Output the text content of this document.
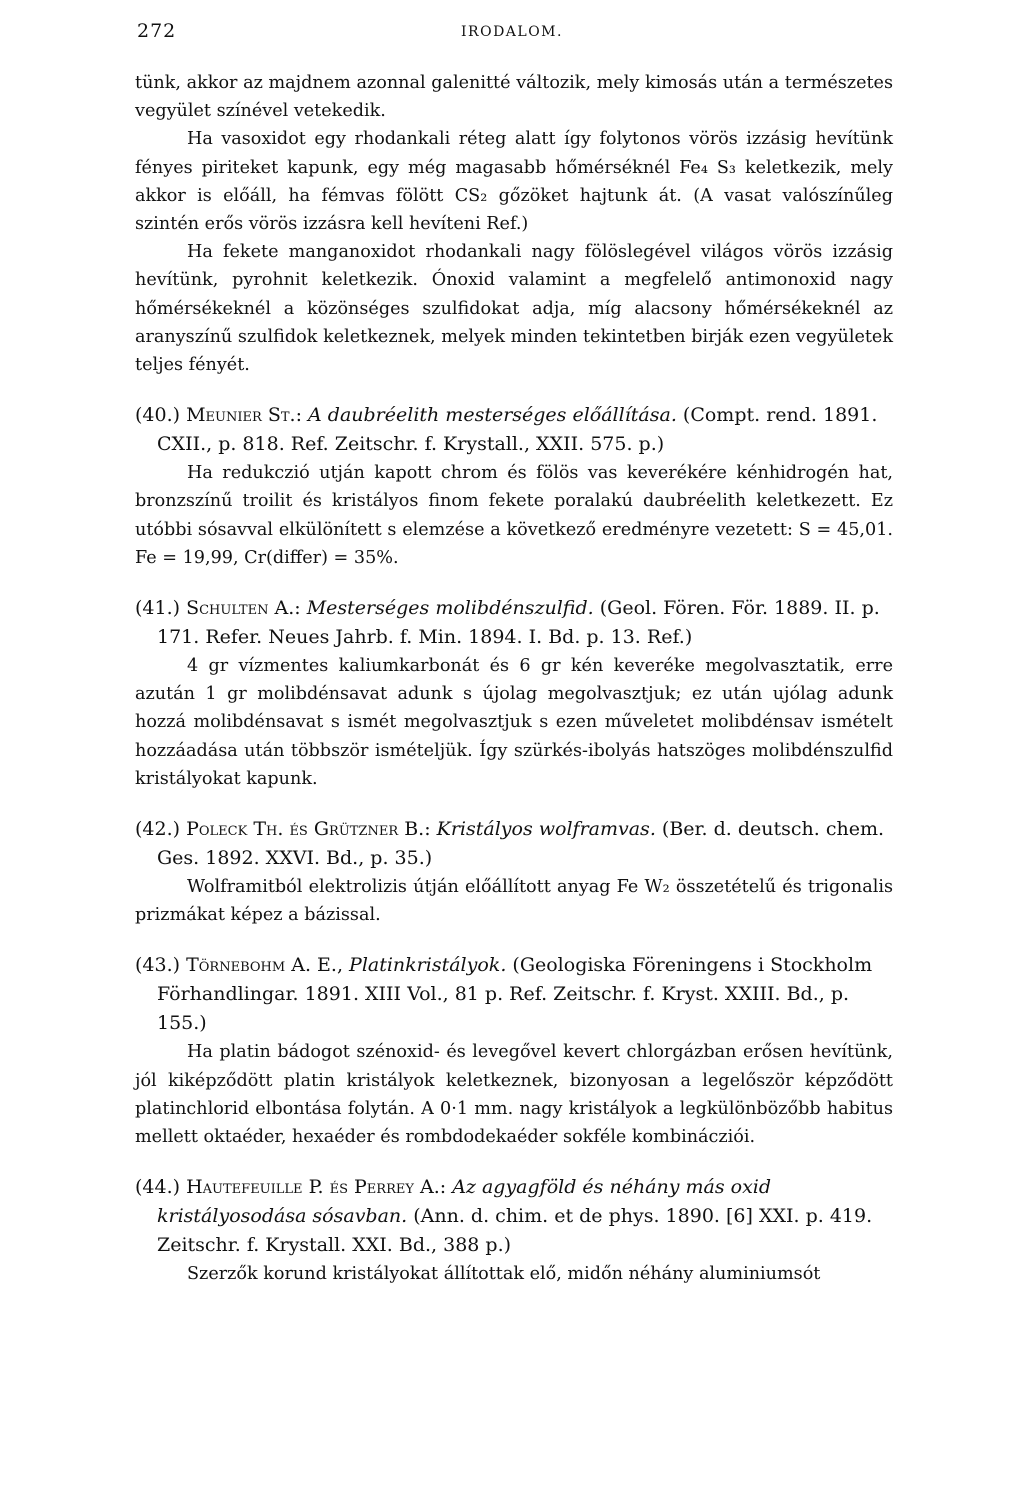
272	IRODALOM.

tünk, akkor az majdnem azonnal galenitté változik, mely kimosás után a természetes vegyület színével vetekedik.

Ha vasoxidot egy rhodankali réteg alatt így folytonos vörös izzásig hevítünk fényes piriteket kapunk, egy még magasabb hőmérséknél Fe₄ S₃ keletkezik, mely akkor is előáll, ha fémvas fölött CS₂ gőzöket hajtunk át. (A vasat valószínűleg szintén erős vörös izzásra kell hevíteni Ref.)

Ha fekete manganoxidot rhodankali nagy fölöslegével világos vörös izzásig hevítünk, pyrohnit keletkezik. Ónoxid valamint a megfelelő antimonoxid nagy hőmérsékeknél a közönséges szulfidokat adja, míg alacsony hőmérsékeknél az aranyszínű szulfidok keletkeznek, melyek minden tekintetben birják ezen vegyületek teljes fényét.

(40.) Meunier St.: A daubréelith mesterséges előállítása. (Compt. rend. 1891. CXII., p. 818. Ref. Zeitschr. f. Krystall., XXII. 575. p.)

Ha redukczió utján kapott chrom és fölös vas keverékére kénhidrogén hat, bronzszínű troilit és kristályos finom fekete poralakú daubréelith keletkezett. Ez utóbbi sósavval elkülönített s elemzése a következő eredményre vezetett: S = 45,01. Fe = 19,99, Cr(differ) = 35%.

(41.) Schulten A.: Mesterséges molibdénszulfid. (Geol. Fören. För. 1889. II. p. 171. Refer. Neues Jahrb. f. Min. 1894. I. Bd. p. 13. Ref.)

4 gr vízmentes kaliumkarbonát és 6 gr kén keveréke megolvasztatik, erre azután 1 gr molibdénsavat adunk s újolag megolvasztjuk; ez után ujólag adunk hozzá molibdénsavat s ismét megolvasztjuk s ezen műveletet molibdénsav ismételt hozzáadása után többször ismételjük. Így szürkés-ibolyás hatszöges molibdénszulfid kristályokat kapunk.

(42.) Poleck Th. és Grützner B.: Kristályos wolframvas. (Ber. d. deutsch. chem. Ges. 1892. XXVI. Bd., p. 35.)

Wolframitból elektrolizis útján előállított anyag Fe W₂ összetételű és trigonalis prizmákat képez a bázissal.

(43.) Törnebohm A. E., Platinkristályok. (Geologiska Föreningens i Stockholm Förhandlingar. 1891. XIII Vol., 81 p. Ref. Zeitschr. f. Kryst. XXIII. Bd., p. 155.)

Ha platin bádogot szénoxid- és levegővel kevert chlorgázban erősen hevítünk, jól kiképződött platin kristályok keletkeznek, bizonyosan a legelőször képződött platinchlorid elbontása folytán. A 0·1 mm. nagy kristályok a legkülönbözőbb habitus mellett oktaéder, hexaéder és rombdodekaéder sokféle kombinácziói.

(44.) Hautefeuille P. és Perrey A.: Az agyagföld és néhány más oxid kristályosodása sósavban. (Ann. d. chim. et de phys. 1890. [6] XXI. p. 419. Zeitschr. f. Krystall. XXI. Bd., 388 p.)

Szerzők korund kristályokat állítottak elő, midőn néhány aluminiumsót
